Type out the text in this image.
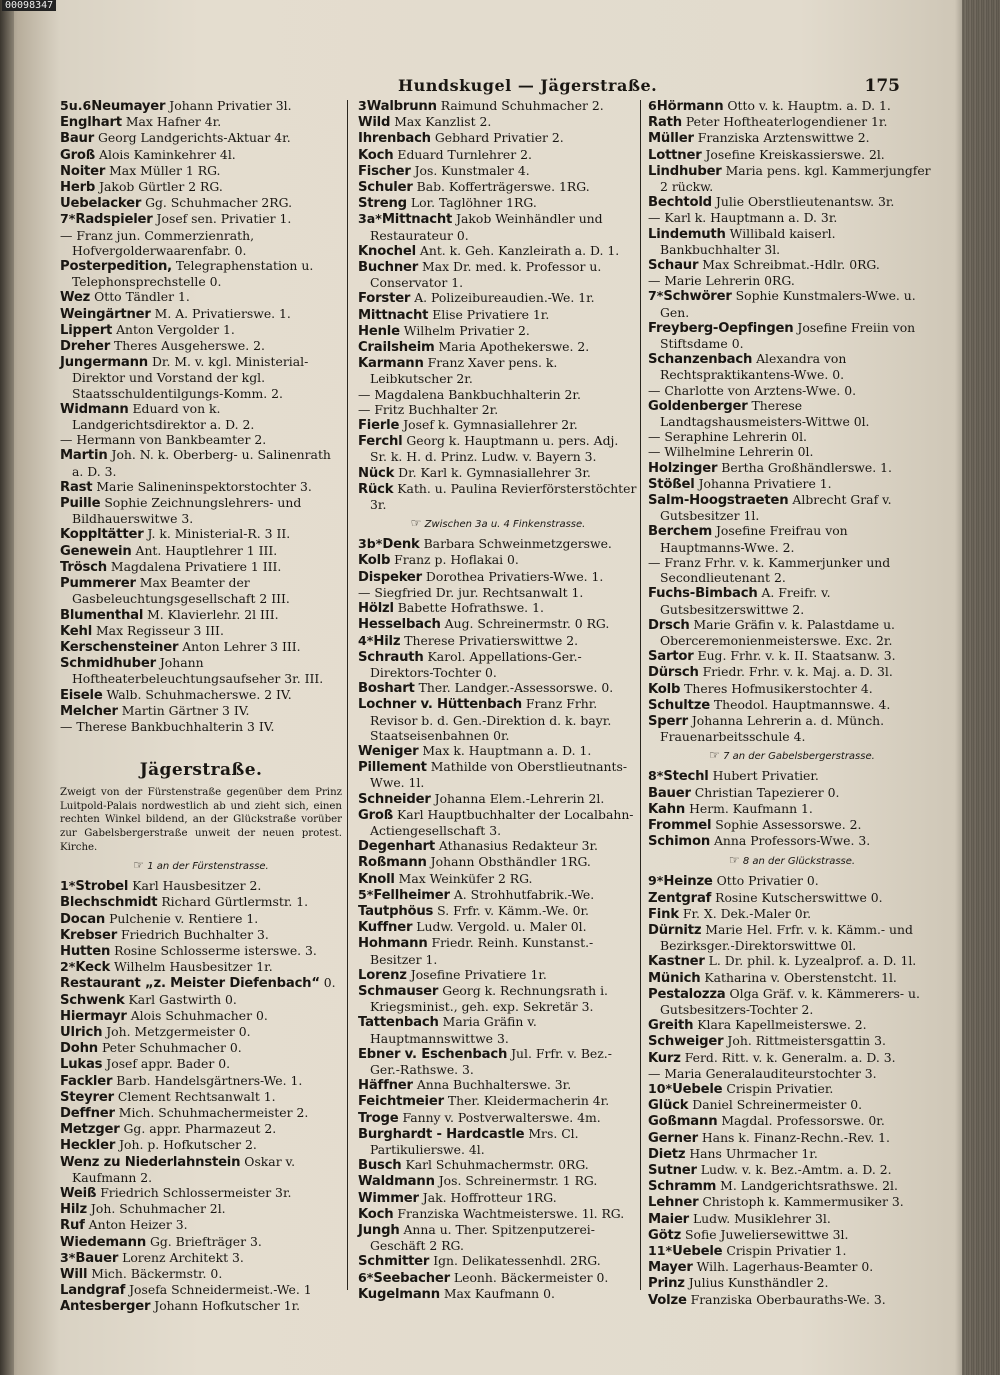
00098347
Hundskugel — Jägerstraße.	175

5u.6Neumayer Johann Privatier 3l.

Englhart Max Hafner 4r.

Baur Georg Landgerichts-Aktuar 4r.

Groß Alois Kaminkehrer 4l.

Noiter Max Müller 1 RG.

Herb Jakob Gürtler 2 RG.

Uebelacker Gg. Schuhmacher 2RG.

7*Radspieler Josef sen. Privatier 1.

— Franz jun. Commerzienrath, Hofvergolderwaarenfabr. 0.

Posterpedition, Telegraphenstation u. Telephonsprechstelle 0.

Wez Otto Tändler 1.

Weingärtner M. A. Privatierswe. 1.

Lippert Anton Vergolder 1.

Dreher Theres Ausgeherswe. 2.

Jungermann Dr. M. v. kgl. Ministerial-Direktor und Vorstand der kgl. Staatsschuldentilgungs-Komm. 2.

Widmann Eduard von k. Landgerichtsdirektor a. D. 2.

— Hermann von Bankbeamter 2.

Martin Joh. N. k. Oberberg- u. Salinenrath a. D. 3.

Rast Marie Salineninspektorstochter 3.

Puille Sophie Zeichnungslehrers- und Bildhauerswitwe 3.

Koppltätter J. k. Ministerial-R. 3 II.

Genewein Ant. Hauptlehrer 1 III.

Trösch Magdalena Privatiere 1 III.

Pummerer Max Beamter der Gasbeleuchtungsgesellschaft 2 III.

Blumenthal M. Klavierlehr. 2l III.

Kehl Max Regisseur 3 III.

Kerschensteiner Anton Lehrer 3 III.

Schmidhuber Johann Hoftheaterbeleuchtungsaufseher 3r. III.

Eisele Walb. Schuhmacherswe. 2 IV.

Melcher Martin Gärtner 3 IV.

— Therese Bankbuchhalterin 3 IV.

Jägerstraße.

Zweigt von der Fürstenstraße gegenüber dem Prinz Luitpold-Palais nordwestlich ab und zieht sich, einen rechten Winkel bildend, an der Glückstraße vorüber zur Gabelsbergerstraße unweit der neuen protest. Kirche.

☞ 1 an der Fürstenstrasse.

1*Strobel Karl Hausbesitzer 2.

Blechschmidt Richard Gürtlermstr. 1.

Docan Pulchenie v. Rentiere 1.

Krebser Friedrich Buchhalter 3.

Hutten Rosine Schlosserme isterswe. 3.

2*Keck Wilhelm Hausbesitzer 1r.

Restaurant „z. Meister Diefenbach“ 0.

Schwenk Karl Gastwirth 0.

Hiermayr Alois Schuhmacher 0.

Ulrich Joh. Metzgermeister 0.

Dohn Peter Schuhmacher 0.

Lukas Josef appr. Bader 0.

Fackler Barb. Handelsgärtners-We. 1.

Steyrer Clement Rechtsanwalt 1.

Deffner Mich. Schuhmachermeister 2.

Metzger Gg. appr. Pharmazeut 2.

Heckler Joh. p. Hofkutscher 2.

Wenz zu Niederlahnstein Oskar v. Kaufmann 2.

Weiß Friedrich Schlossermeister 3r.

Hilz Joh. Schuhmacher 2l.

Ruf Anton Heizer 3.

Wiedemann Gg. Briefträger 3.

3*Bauer Lorenz Architekt 3.

Will Mich. Bäckermstr. 0.

Landgraf Josefa Schneidermeist.-We. 1

Antesberger Johann Hofkutscher 1r.

3Walbrunn Raimund Schuhmacher 2.

Wild Max Kanzlist 2.

Ihrenbach Gebhard Privatier 2.

Koch Eduard Turnlehrer 2.

Fischer Jos. Kunstmaler 4.

Schuler Bab. Kofferträgerswe. 1RG.

Streng Lor. Taglöhner 1RG.

3a*Mittnacht Jakob Weinhändler und Restaurateur 0.

Knochel Ant. k. Geh. Kanzleirath a. D. 1.

Buchner Max Dr. med. k. Professor u. Conservator 1.

Forster A. Polizeibureaudien.-We. 1r.

Mittnacht Elise Privatiere 1r.

Henle Wilhelm Privatier 2.

Crailsheim Maria Apothekerswe. 2.

Karmann Franz Xaver pens. k. Leibkutscher 2r.

— Magdalena Bankbuchhalterin 2r.

— Fritz Buchhalter 2r.

Fierle Josef k. Gymnasiallehrer 2r.

Ferchl Georg k. Hauptmann u. pers. Adj. Sr. k. H. d. Prinz. Ludw. v. Bayern 3.

Nück Dr. Karl k. Gymnasiallehrer 3r.

Rück Kath. u. Paulina Revierförsterstöchter 3r.

☞ Zwischen 3a u. 4 Finkenstrasse.

3b*Denk Barbara Schweinmetzgerswe.

Kolb Franz p. Hoflakai 0.

Dispeker Dorothea Privatiers-Wwe. 1.

— Siegfried Dr. jur. Rechtsanwalt 1.

Hölzl Babette Hofrathswe. 1.

Hesselbach Aug. Schreinermstr. 0 RG.

4*Hilz Therese Privatierswittwe 2.

Schrauth Karol. Appellations-Ger.-Direktors-Tochter 0.

Boshart Ther. Landger.-Assessorswe. 0.

Lochner v. Hüttenbach Franz Frhr. Revisor b. d. Gen.-Direktion d. k. bayr. Staatseisenbahnen 0r.

Weniger Max k. Hauptmann a. D. 1.

Pillement Mathilde von Oberstlieutnants-Wwe. 1l.

Schneider Johanna Elem.-Lehrerin 2l.

Groß Karl Hauptbuchhalter der Localbahn-Actiengesellschaft 3.

Degenhart Athanasius Redakteur 3r.

Roßmann Johann Obsthändler 1RG.

Knoll Max Weinküfer 2 RG.

5*Fellheimer A. Strohhutfabrik.-We.

Tautphöus S. Frfr. v. Kämm.-We. 0r.

Kuffner Ludw. Vergold. u. Maler 0l.

Hohmann Friedr. Reinh. Kunstanst.-Besitzer 1.

Lorenz Josefine Privatiere 1r.

Schmauser Georg k. Rechnungsrath i. Kriegsminist., geh. exp. Sekretär 3.

Tattenbach Maria Gräfin v. Hauptmannswittwe 3.

Ebner v. Eschenbach Jul. Frfr. v. Bez.-Ger.-Rathswe. 3.

Häffner Anna Buchhalterswe. 3r.

Feichtmeier Ther. Kleidermacherin 4r.

Troge Fanny v. Postverwalterswe. 4m.

Burghardt - Hardcastle Mrs. Cl. Partikulierswe. 4l.

Busch Karl Schuhmachermstr. 0RG.

Waldmann Jos. Schreinermstr. 1 RG.

Wimmer Jak. Hoffrotteur 1RG.

Koch Franziska Wachtmeisterswe. 1l. RG.

Jungh Anna u. Ther. Spitzenputzerei-Geschäft 2 RG.

Schmitter Ign. Delikatessenhdl. 2RG.

6*Seebacher Leonh. Bäckermeister 0.

Kugelmann Max Kaufmann 0.

6Hörmann Otto v. k. Hauptm. a. D. 1.

Rath Peter Hoftheaterlogendiener 1r.

Müller Franziska Arztenswittwe 2.

Lottner Josefine Kreiskassierswe. 2l.

Lindhuber Maria pens. kgl. Kammerjungfer 2 rückw.

Bechtold Julie Oberstlieutenantsw. 3r.

— Karl k. Hauptmann a. D. 3r.

Lindemuth Willibald kaiserl. Bankbuchhalter 3l.

Schaur Max Schreibmat.-Hdlr. 0RG.

— Marie Lehrerin 0RG.

7*Schwörer Sophie Kunstmalers-Wwe. u. Gen.

Freyberg-Oepfingen Josefine Freiin von Stiftsdame 0.

Schanzenbach Alexandra von Rechtspraktikantens-Wwe. 0.

— Charlotte von Arztens-Wwe. 0.

Goldenberger Therese Landtagshausmeisters-Wittwe 0l.

— Seraphine Lehrerin 0l.

— Wilhelmine Lehrerin 0l.

Holzinger Bertha Großhändlerswe. 1.

Stößel Johanna Privatiere 1.

Salm-Hoogstraeten Albrecht Graf v. Gutsbesitzer 1l.

Berchem Josefine Freifrau von Hauptmanns-Wwe. 2.

— Franz Frhr. v. k. Kammerjunker und Secondlieutenant 2.

Fuchs-Bimbach A. Freifr. v. Gutsbesitzerswittwe 2.

Drsch Marie Gräfin v. k. Palastdame u. Oberceremonienmeisterswe. Exc. 2r.

Sartor Eug. Frhr. v. k. II. Staatsanw. 3.

Dürsch Friedr. Frhr. v. k. Maj. a. D. 3l.

Kolb Theres Hofmusikerstochter 4.

Schultze Theodol. Hauptmannswe. 4.

Sperr Johanna Lehrerin a. d. Münch. Frauenarbeitsschule 4.

☞ 7 an der Gabelsbergerstrasse.

8*Stechl Hubert Privatier.

Bauer Christian Tapezierer 0.

Kahn Herm. Kaufmann 1.

Frommel Sophie Assessorswe. 2.

Schimon Anna Professors-Wwe. 3.

☞ 8 an der Glückstrasse.

9*Heinze Otto Privatier 0.

Zentgraf Rosine Kutscherswittwe 0.

Fink Fr. X. Dek.-Maler 0r.

Dürnitz Marie Hel. Frfr. v. k. Kämm.- und Bezirksger.-Direktorswittwe 0l.

Kastner L. Dr. phil. k. Lyzealprof. a. D. 1l.

Münich Katharina v. Oberstenstcht. 1l.

Pestalozza Olga Gräf. v. k. Kämmerers- u. Gutsbesitzers-Tochter 2.

Greith Klara Kapellmeisterswe. 2.

Schweiger Joh. Rittmeistersgattin 3.

Kurz Ferd. Ritt. v. k. Generalm. a. D. 3.

— Maria Generalauditeurstochter 3.

10*Uebele Crispin Privatier.

Glück Daniel Schreinermeister 0.

Goßmann Magdal. Professorswe. 0r.

Gerner Hans k. Finanz-Rechn.-Rev. 1.

Dietz Hans Uhrmacher 1r.

Sutner Ludw. v. k. Bez.-Amtm. a. D. 2.

Schramm M. Landgerichtsrathswe. 2l.

Lehner Christoph k. Kammermusiker 3.

Maier Ludw. Musiklehrer 3l.

Götz Sofie Juweliersewittwe 3l.

11*Uebele Crispin Privatier 1.

Mayer Wilh. Lagerhaus-Beamter 0.

Prinz Julius Kunsthändler 2.

Volze Franziska Oberbauraths-We. 3.
